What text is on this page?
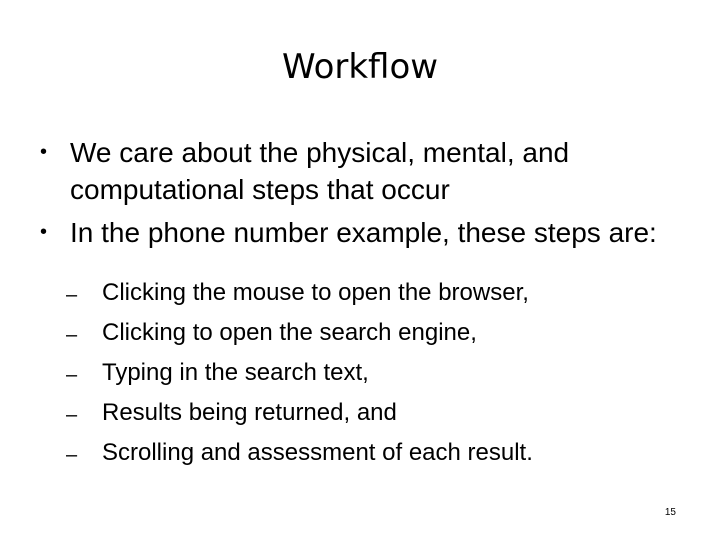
Workflow
• We care about the physical, mental, and computational steps that occur
• In the phone number example, these steps are:
– Clicking the mouse to open the browser,
– Clicking to open the search engine,
– Typing in the search text,
– Results being returned, and
– Scrolling and assessment of each result.
15
